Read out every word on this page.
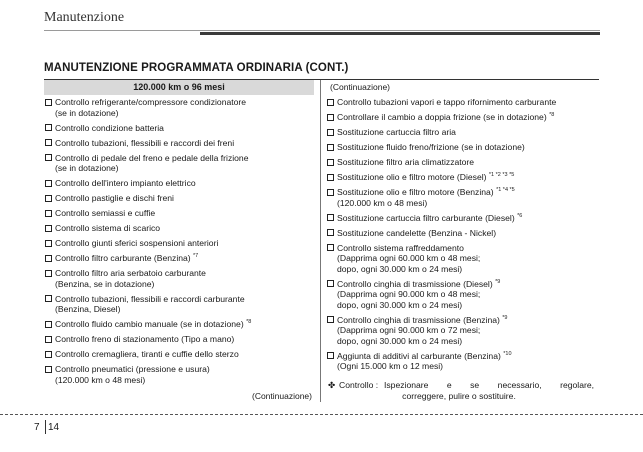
Manutenzione
MANUTENZIONE PROGRAMMATA ORDINARIA (CONT.)
120.000 km o 96 mesi
Controllo refrigerante/compressore condizionatore
(se in dotazione)
Controllo condizione batteria
Controllo tubazioni, flessibili e raccordi dei freni
Controllo di pedale del freno e pedale della frizione
(se in dotazione)
Controllo dell'intero impianto elettrico
Controllo pastiglie e dischi freni
Controllo semiassi e cuffie
Controllo sistema di scarico
Controllo giunti sferici sospensioni anteriori
Controllo filtro carburante (Benzina) $^{*7}$
Controllo filtro aria serbatoio carburante
(Benzina, se in dotazione)
Controllo tubazioni, flessibili e raccordi carburante
(Benzina, Diesel)
Controllo fluido cambio manuale (se in dotazione) $^{*8}$
Controllo freno di stazionamento (Tipo a mano)
Controllo cremagliera, tiranti e cuffie dello sterzo
Controllo pneumatici (pressione e usura)
(120.000 km o 48 mesi)
(Continuazione)
(Continuazione)
Controllo tubazioni vapori e tappo rifornimento carburante
Controllare il cambio a doppia frizione (se in dotazione) $^{*8}$
Sostituzione cartuccia filtro aria
Sostituzione fluido freno/frizione (se in dotazione)
Sostituzione filtro aria climatizzatore
Sostituzione olio e filtro motore (Diesel) $^{*1 *2 *3 *5}$
Sostituzione olio e filtro motore (Benzina) $^{*1 *4 *5}$
(120.000 km o 48 mesi)
Sostituzione cartuccia filtro carburante (Diesel) $^{*6}$
Sostituzione candelette (Benzina - Nickel)
Controllo sistema raffreddamento
(Dapprima ogni 60.000 km o 48 mesi;
dopo, ogni 30.000 km o 24 mesi)
Controllo cinghia di trasmissione (Diesel) $^{*9}$
(Dapprima ogni 90.000 km o 48 mesi;
dopo, ogni 30.000 km o 24 mesi)
Controllo cinghia di trasmissione (Benzina) $^{*9}$
(Dapprima ogni 90.000 km o 72 mesi;
dopo, ogni 30.000 km o 24 mesi)
Aggiunta di additivi al carburante (Benzina) $^{*10}$
(Ogni 15.000 km o 12 mesi)
✤ Controllo : Ispezionare e se necessario, regolare,
correggere, pulire o sostituire.
7 14
